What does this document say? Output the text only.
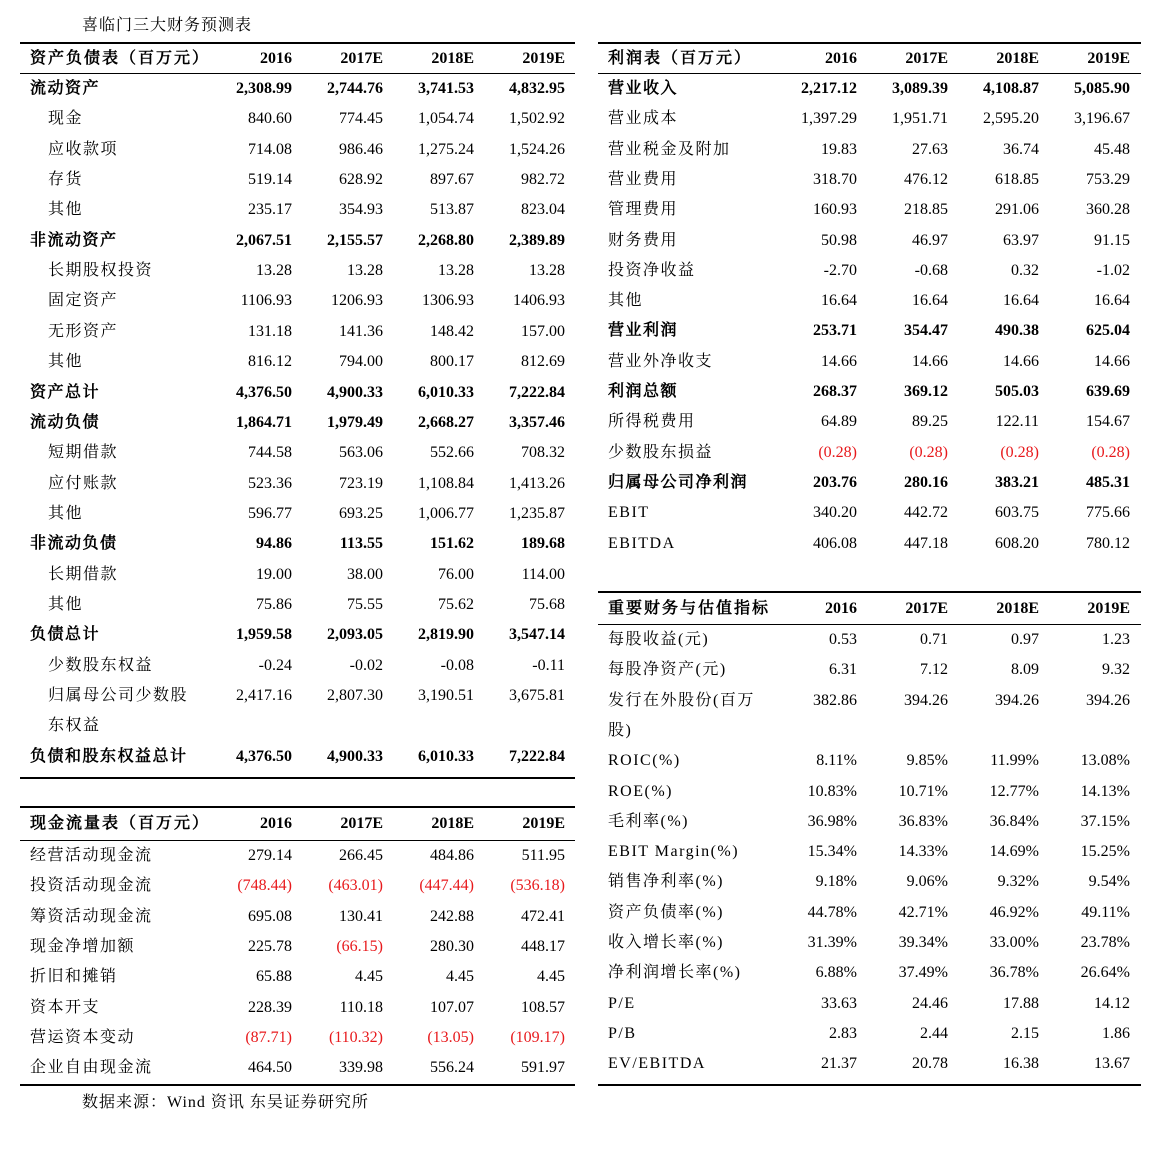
喜临门三大财务预测表
资产负债表（百万元）	2016	2017E	2018E	2019E
流动资产	2,308.99 2,744.76 3,741.53 4,832.95
现金	840.60	774.45 1,054.74 1,502.92
应收款项	714.08	986.46 1,275.24 1,524.26
存货	519.14	628.92	897.67	982.72
其他	235.17	354.93	513.87	823.04
非流动资产	2,067.51 2,155.57 2,268.80 2,389.89
长期股权投资	13.28	13.28	13.28	13.28
固定资产	1106.93 1206.93 1306.93 1406.93
无形资产	131.18	141.36	148.42	157.00
其他	816.12	794.00	800.17	812.69
资产总计	4,376.50 4,900.33 6,010.33 7,222.84
流动负债	1,864.71 1,979.49 2,668.27 3,357.46
短期借款	744.58	563.06	552.66	708.32
应付账款	523.36	723.19 1,108.84 1,413.26
其他	596.77	693.25 1,006.77 1,235.87
非流动负债	94.86	113.55	151.62	189.68
长期借款	19.00	38.00	76.00	114.00
其他	75.86	75.55	75.62	75.68
负债总计	1,959.58 2,093.05 2,819.90 3,547.14
少数股东权益	-0.24	-0.02	-0.08	-0.11
归属母公司少数股	2,417.16 2,807.30 3,190.51 3,675.81
东权益
负债和股东权益总计	4,376.50 4,900.33 6,010.33 7,222.84
现金流量表（百万元）	2016	2017E	2018E	2019E
经营活动现金流	279.14	266.45	484.86	511.95
投资活动现金流	(748.44) (463.01) (447.44) (536.18)
筹资活动现金流	695.08	130.41	242.88	472.41
现金净增加额	225.78	(66.15)	280.30	448.17
折旧和摊销	65.88	4.45	4.45	4.45
资本开支	228.39	110.18	107.07	108.57
营运资本变动	(87.71) (110.32)	(13.05) (109.17)
企业自由现金流	464.50	339.98	556.24	591.97
利润表（百万元）	2016	2017E	2018E	2019E
营业收入	2,217.12 3,089.39 4,108.87 5,085.90
营业成本	1,397.29 1,951.71 2,595.20 3,196.67
营业税金及附加	19.83	27.63	36.74	45.48
营业费用	318.70	476.12	618.85	753.29
管理费用	160.93	218.85	291.06	360.28
财务费用	50.98	46.97	63.97	91.15
投资净收益	-2.70	-0.68	0.32	-1.02
其他	16.64	16.64	16.64	16.64
营业利润	253.71	354.47	490.38	625.04
营业外净收支	14.66	14.66	14.66	14.66
利润总额	268.37	369.12	505.03	639.69
所得税费用	64.89	89.25	122.11	154.67
少数股东损益	(0.28)	(0.28)	(0.28)	(0.28)
归属母公司净利润	203.76	280.16	383.21	485.31
EBIT	340.20	442.72	603.75	775.66
EBITDA	406.08	447.18	608.20	780.12
重要财务与估值指标	2016	2017E	2018E	2019E
每股收益(元)	0.53	0.71	0.97	1.23
每股净资产(元)	6.31	7.12	8.09	9.32
发行在外股份(百万	382.86	394.26	394.26	394.26
股)
ROIC(%)	8.11%	9.85%	11.99%	13.08%
ROE(%)	10.83%	10.71%	12.77%	14.13%
毛利率(%)	36.98%	36.83%	36.84%	37.15%
EBIT Margin(%)	15.34%	14.33%	14.69%	15.25%
销售净利率(%)	9.18%	9.06%	9.32%	9.54%
资产负债率(%)	44.78%	42.71%	46.92%	49.11%
收入增长率(%)	31.39%	39.34%	33.00%	23.78%
净利润增长率(%)	6.88%	37.49%	36.78%	26.64%
P/E	33.63	24.46	17.88	14.12
P/B	2.83	2.44	2.15	1.86
EV/EBITDA	21.37	20.78	16.38	13.67
数据来源：Wind 资讯 东吴证券研究所
